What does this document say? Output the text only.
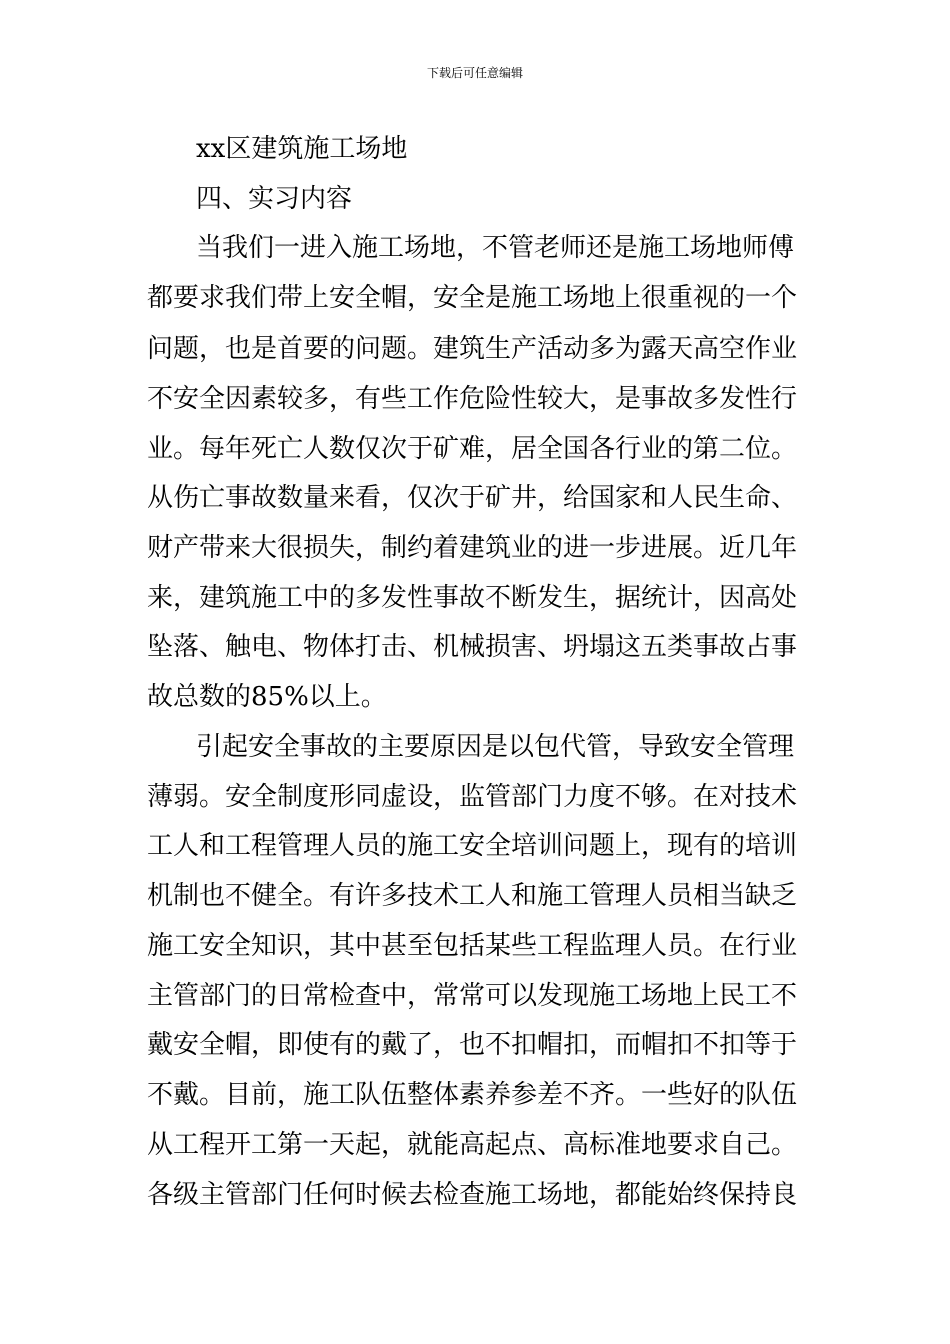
下载后可任意编辑
xx区建筑施工场地
四、实习内容
当我们一进入施工场地，不管老师还是施工场地师傅
都要求我们带上安全帽，安全是施工场地上很重视的一个
问题，也是首要的问题。建筑生产活动多为露天高空作业
不安全因素较多，有些工作危险性较大，是事故多发性行
业。每年死亡人数仅次于矿难，居全国各行业的第二位。
从伤亡事故数量来看，仅次于矿井，给国家和人民生命、
财产带来大很损失，制约着建筑业的进一步进展。近几年
来，建筑施工中的多发性事故不断发生，据统计，因高处
坠落、触电、物体打击、机械损害、坍塌这五类事故占事
故总数的85%以上。
引起安全事故的主要原因是以包代管，导致安全管理
薄弱。安全制度形同虚设，监管部门力度不够。在对技术
工人和工程管理人员的施工安全培训问题上，现有的培训
机制也不健全。有许多技术工人和施工管理人员相当缺乏
施工安全知识，其中甚至包括某些工程监理人员。在行业
主管部门的日常检查中，常常可以发现施工场地上民工不
戴安全帽，即使有的戴了，也不扣帽扣，而帽扣不扣等于
不戴。目前，施工队伍整体素养参差不齐。一些好的队伍
从工程开工第一天起，就能高起点、高标准地要求自己。
各级主管部门任何时候去检查施工场地，都能始终保持良
